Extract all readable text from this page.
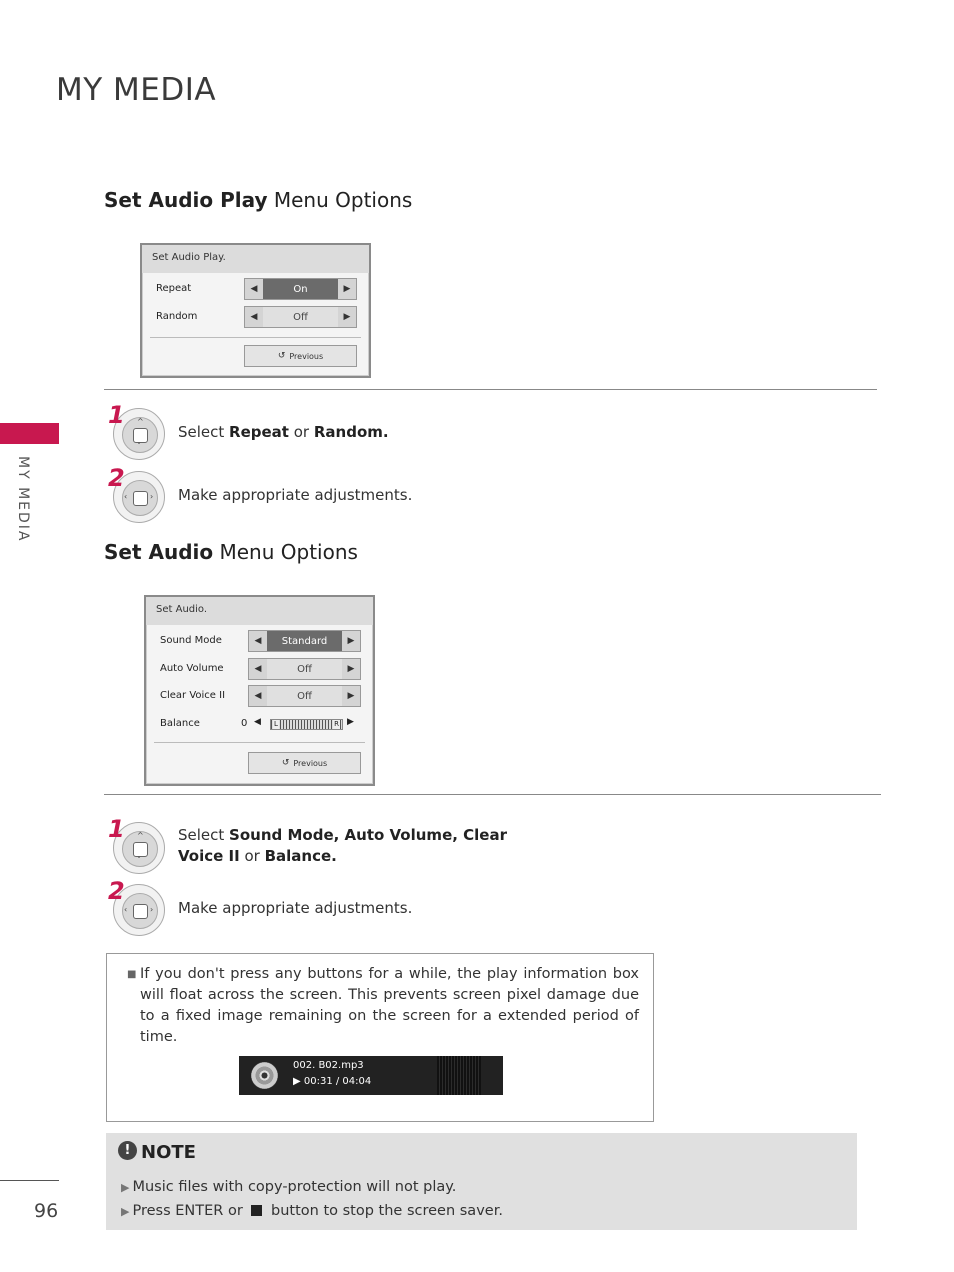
MY MEDIA
MY MEDIA
Set Audio Play Menu Options
Set Audio Play.
Repeat	◀	On	▶
Random	◀	Off	▶
↺ Previous
^
ˇ
1
Select Repeat or Random.
‹	›
2
Make appropriate adjustments.
Set Audio Menu Options
Set Audio.
Sound Mode	◀	Standard	▶
Auto Volume	◀	Off	▶
Clear Voice II	◀	Off	▶
Balance	0 ◀ L	R ▶
↺ Previous
^
ˇ
1	Select Sound Mode, Auto Volume, Clear
Voice II or Balance.
‹	›
2
Make appropriate adjustments.
■ If you don't press any buttons for a while, the play information box will float across the screen. This prevents screen pixel damage due to a fixed image remaining on the screen for a extended period of time.
002. B02.mp3
▶ 00:31 / 04:04
! NOTE
▶ Music files with copy-protection will not play.
▶ Press ENTER or  button to stop the screen saver.
96
